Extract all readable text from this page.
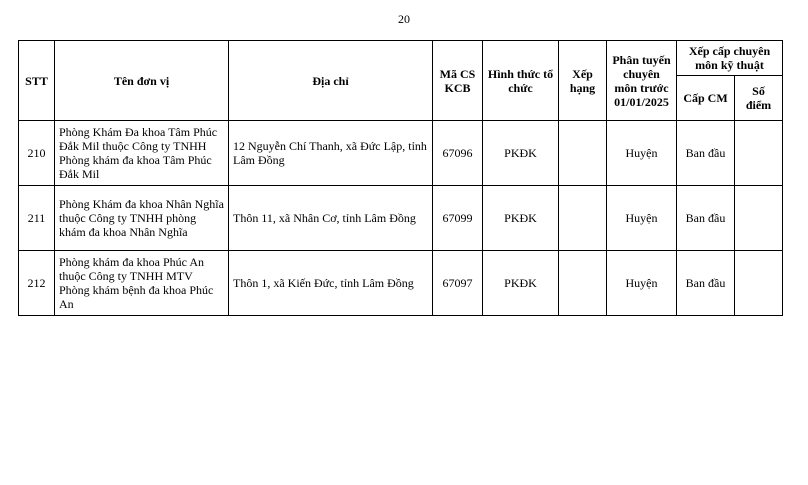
20
STT	Tên đơn vị	Địa chỉ	Mã CS KCB	Hình thức tổ chức	Xếp hạng	Phân tuyến chuyên môn trước 01/01/2025	Xếp cấp chuyên môn kỹ thuật	
							Cấp CM	Số điểm
210	Phòng Khám Đa khoa Tâm Phúc Đắk Mil thuộc Công ty TNHH Phòng khám đa khoa Tâm Phúc Đắk Mil	12 Nguyễn Chí Thanh, xã Đức Lập, tỉnh Lâm Đồng	67096	PKĐK		Huyện	Ban đầu	
211	Phòng Khám đa khoa Nhân Nghĩa thuộc Công ty TNHH phòng khám đa khoa Nhân Nghĩa	Thôn 11, xã Nhân Cơ, tỉnh Lâm Đồng	67099	PKĐK		Huyện	Ban đầu	
212	Phòng khám đa khoa Phúc An thuộc Công ty TNHH MTV Phòng khám bệnh đa khoa Phúc An	Thôn 1, xã Kiến Đức, tỉnh Lâm Đồng	67097	PKĐK		Huyện	Ban đầu	
